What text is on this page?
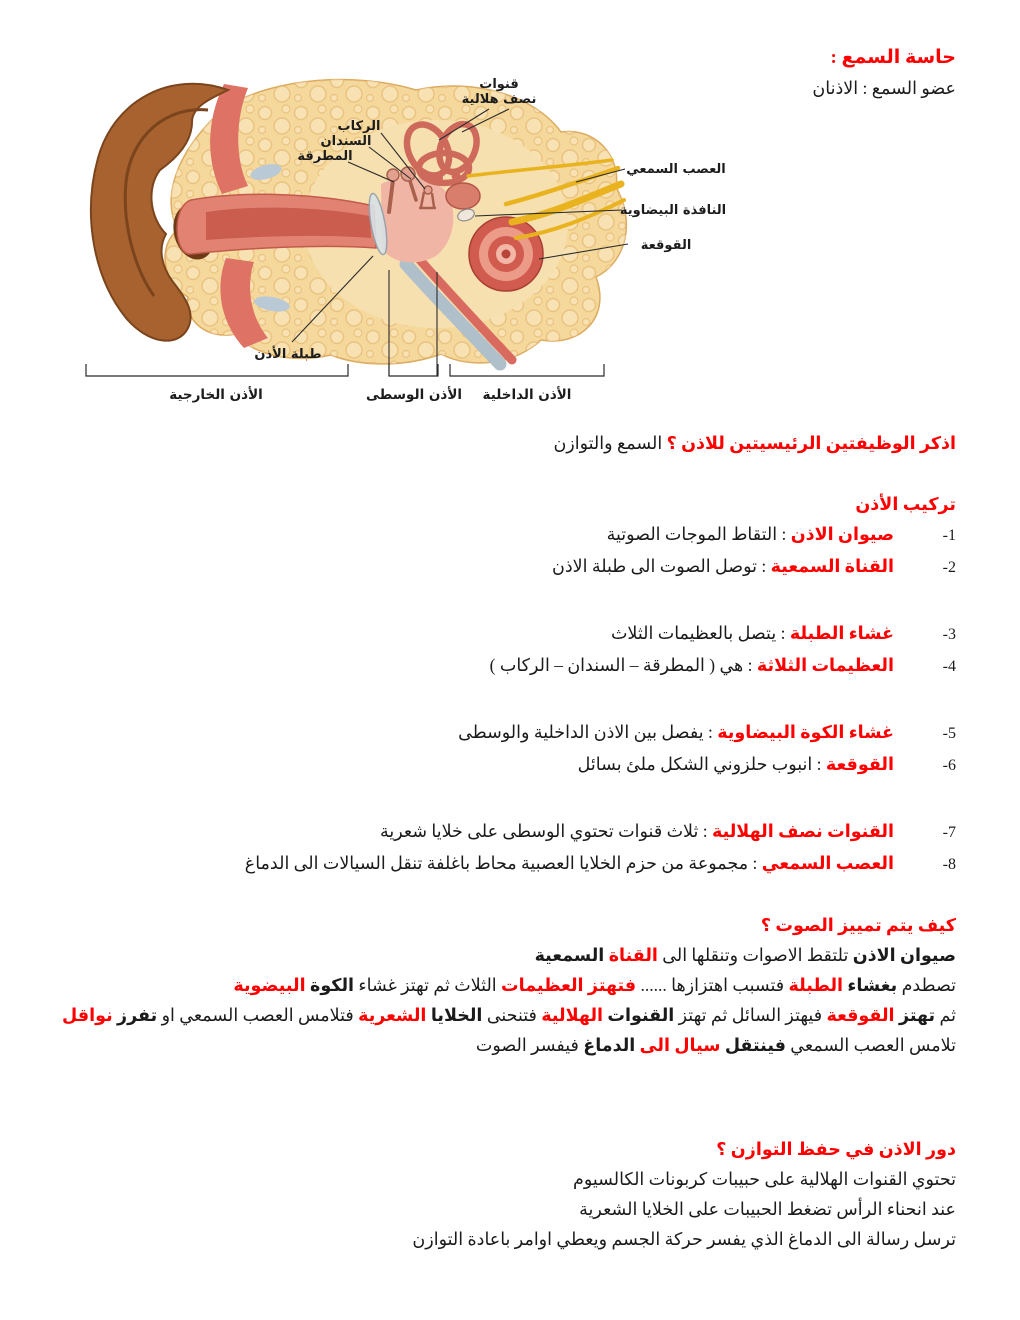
حاسة السمع :
عضو السمع : الاذنان
قنوات
نصف هلالية
الركاب
السندان
المطرقة
العصب السمعي
النافذة البيضاوية
القوقعة
طبلة الأذن
الأذن الخارجية	الأذن الوسطى الأذن الداخلية
اذكر الوظيفتين الرئيسيتين للاذن ؟ السمع والتوازن
تركيب الأذن
-1صيوان الاذن : التقاط الموجات الصوتية
-2القناة السمعية : توصل الصوت الى طبلة الاذن
-3غشاء الطبلة : يتصل بالعظيمات الثلاث
-4العظيمات الثلاثة : هي ( المطرقة – السندان – الركاب )
-5غشاء الكوة البيضاوية : يفصل بين الاذن الداخلية والوسطى
-6القوقعة : انبوب حلزوني الشكل ملئ بسائل
-7القنوات نصف الهلالية : ثلاث قنوات تحتوي الوسطى على خلايا شعرية
-8العصب السمعي : مجموعة من حزم الخلايا العصبية محاط باغلفة تنقل السيالات الى الدماغ
كيف يتم تمييز الصوت ؟
صيوان الاذن تلتقط الاصوات وتنقلها الى القناة السمعية
تصطدم بغشاء الطبلة فتسبب اهتزازها ...... فتهتز العظيمات الثلاث ثم تهتز غشاء الكوة البيضوية
ثم تهتز القوقعة فيهتز السائل ثم تهتز القنوات الهلالية فتنحنى الخلايا الشعرية فتلامس العصب السمعي او تفرز نواقل
تلامس العصب السمعي فينتقل سيال الى الدماغ فيفسر الصوت
دور الاذن في حفظ التوازن ؟
تحتوي القنوات الهلالية على حبيبات كربونات الكالسيوم
عند انحناء الرأس تضغط الحبيبات على الخلايا الشعرية
ترسل رسالة الى الدماغ الذي يفسر حركة الجسم ويعطي اوامر باعادة التوازن
